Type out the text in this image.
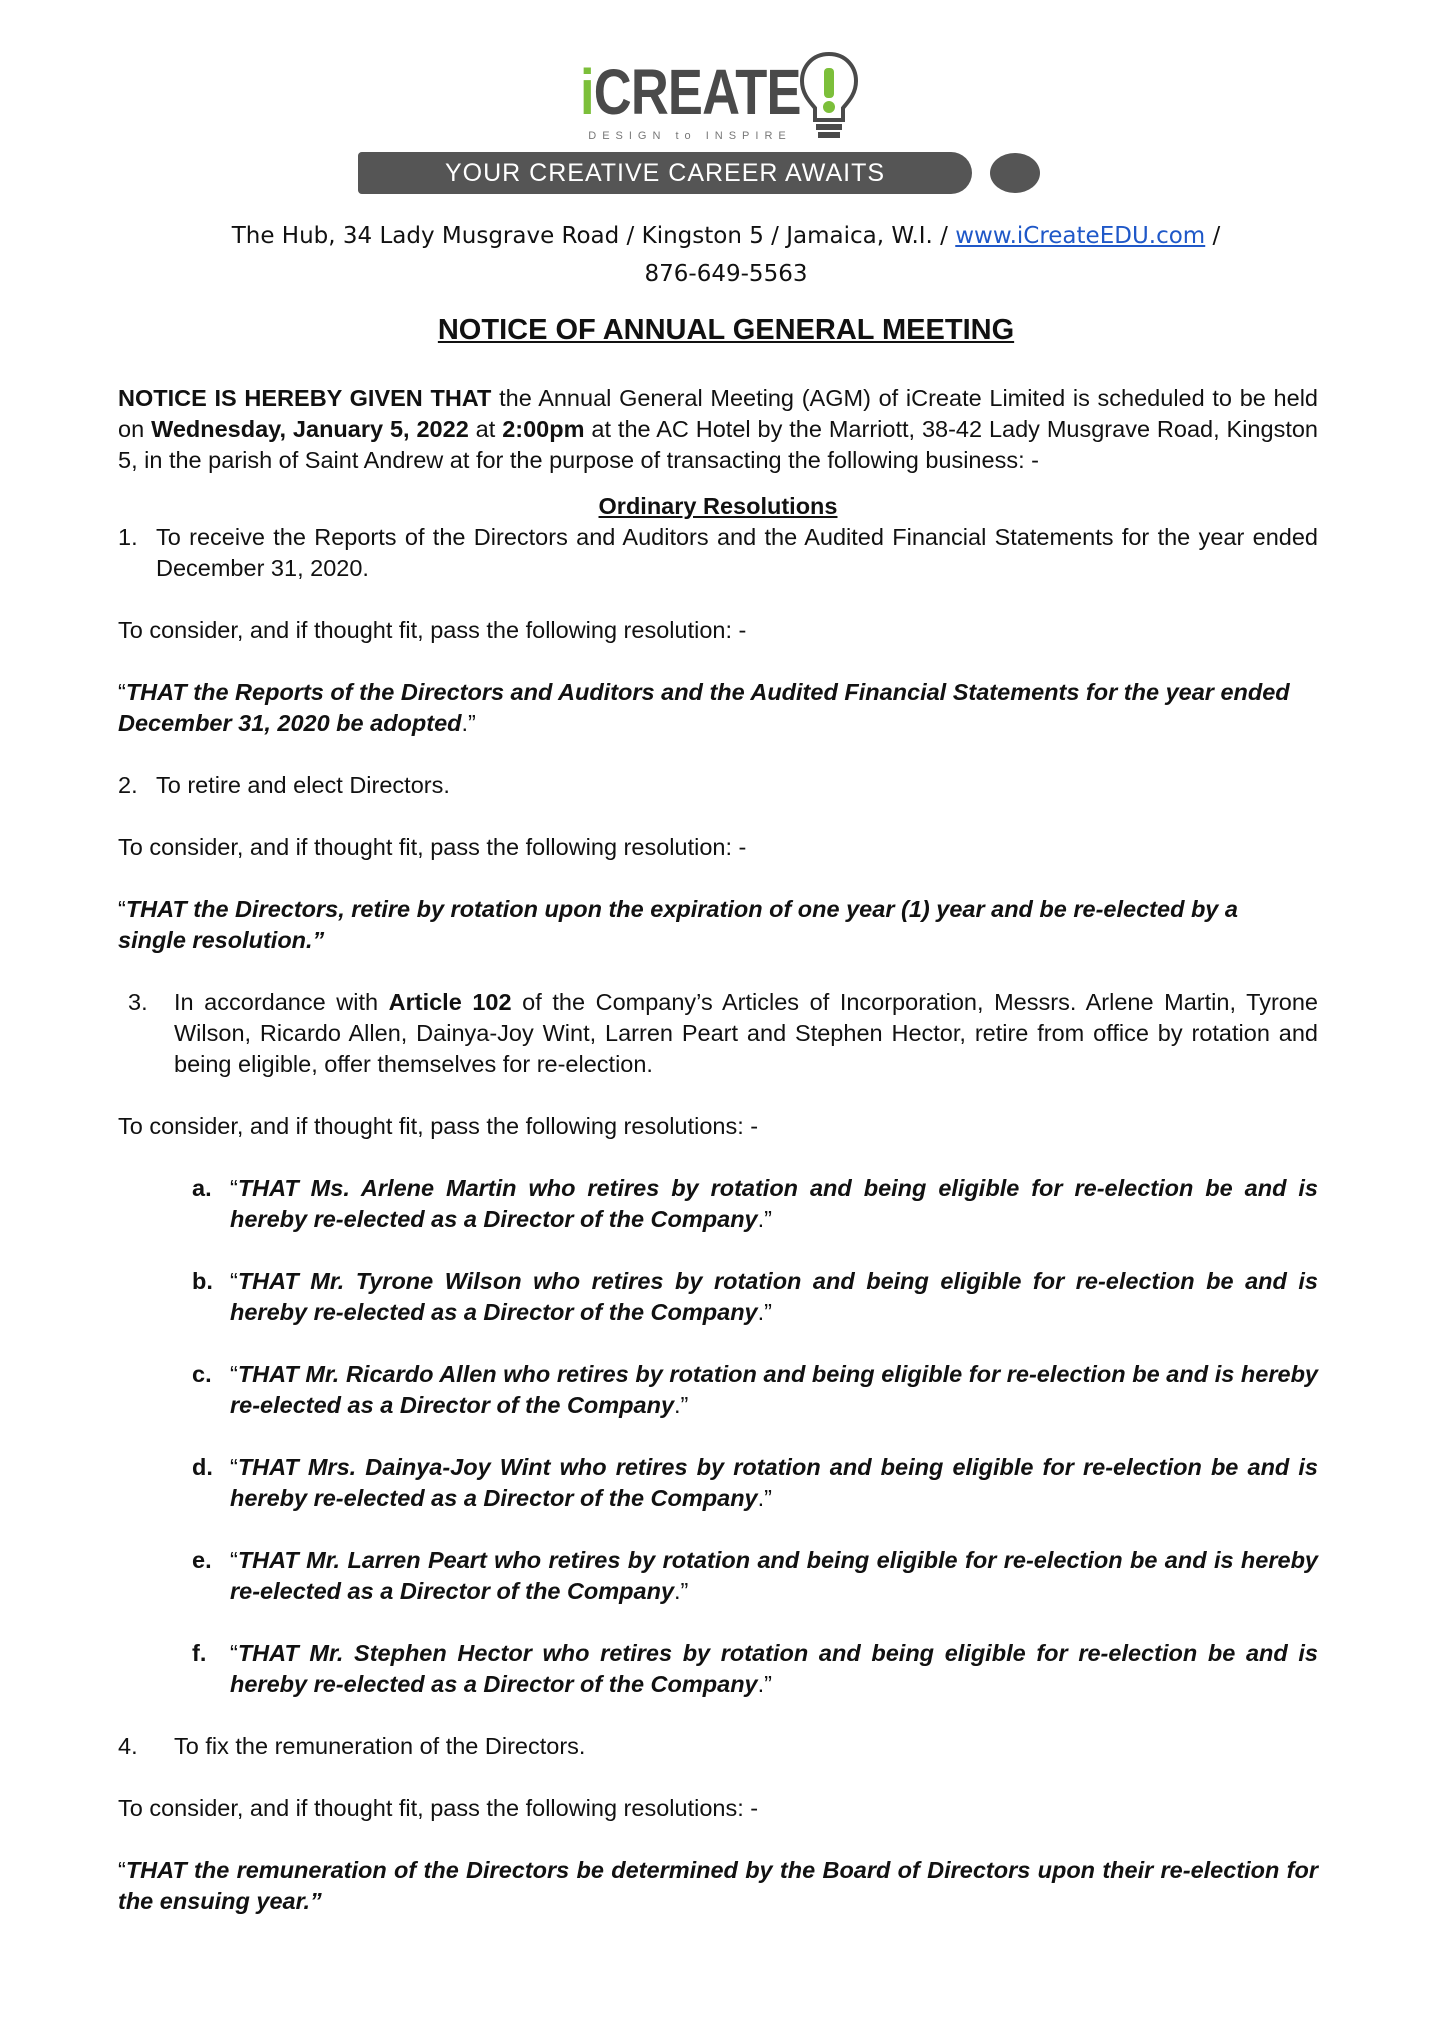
iCREATE
DESIGN to INSPIRE
YOUR CREATIVE CAREER AWAITS
The Hub, 34 Lady Musgrave Road / Kingston 5 / Jamaica, W.I. / www.iCreateEDU.com /
876-649-5563
NOTICE OF ANNUAL GENERAL MEETING

NOTICE IS HEREBY GIVEN THAT the Annual General Meeting (AGM) of iCreate Limited is scheduled to be held on Wednesday, January 5, 2022 at 2:00pm at the AC Hotel by the Marriott, 38-42 Lady Musgrave Road, Kingston 5, in the parish of Saint Andrew at for the purpose of transacting the following business: -

Ordinary Resolutions

1. To receive the Reports of the Directors and Auditors and the Audited Financial Statements for the year ended December 31, 2020.

To consider, and if thought fit, pass the following resolution: -

“THAT the Reports of the Directors and Auditors and the Audited Financial Statements for the year ended December 31, 2020 be adopted.”

2. To retire and elect Directors.

To consider, and if thought fit, pass the following resolution: -

“THAT the Directors, retire by rotation upon the expiration of one year (1) year and be re-elected by a single resolution.”

3. In accordance with Article 102 of the Company’s Articles of Incorporation, Messrs. Arlene Martin, Tyrone Wilson, Ricardo Allen, Dainya-Joy Wint, Larren Peart and Stephen Hector, retire from office by rotation and being eligible, offer themselves for re-election.

To consider, and if thought fit, pass the following resolutions: -

a. “THAT Ms. Arlene Martin who retires by rotation and being eligible for re-election be and is hereby re-elected as a Director of the Company.”
b. “THAT Mr. Tyrone Wilson who retires by rotation and being eligible for re-election be and is hereby re-elected as a Director of the Company.”
c. “THAT Mr. Ricardo Allen who retires by rotation and being eligible for re-election be and is hereby re-elected as a Director of the Company.”
d. “THAT Mrs. Dainya-Joy Wint who retires by rotation and being eligible for re-election be and is hereby re-elected as a Director of the Company.”
e. “THAT Mr. Larren Peart who retires by rotation and being eligible for re-election be and is hereby re-elected as a Director of the Company.”
f. “THAT Mr. Stephen Hector who retires by rotation and being eligible for re-election be and is hereby re-elected as a Director of the Company.”
4. To fix the remuneration of the Directors.

To consider, and if thought fit, pass the following resolutions: -

“THAT the remuneration of the Directors be determined by the Board of Directors upon their re-election for the ensuing year.”
